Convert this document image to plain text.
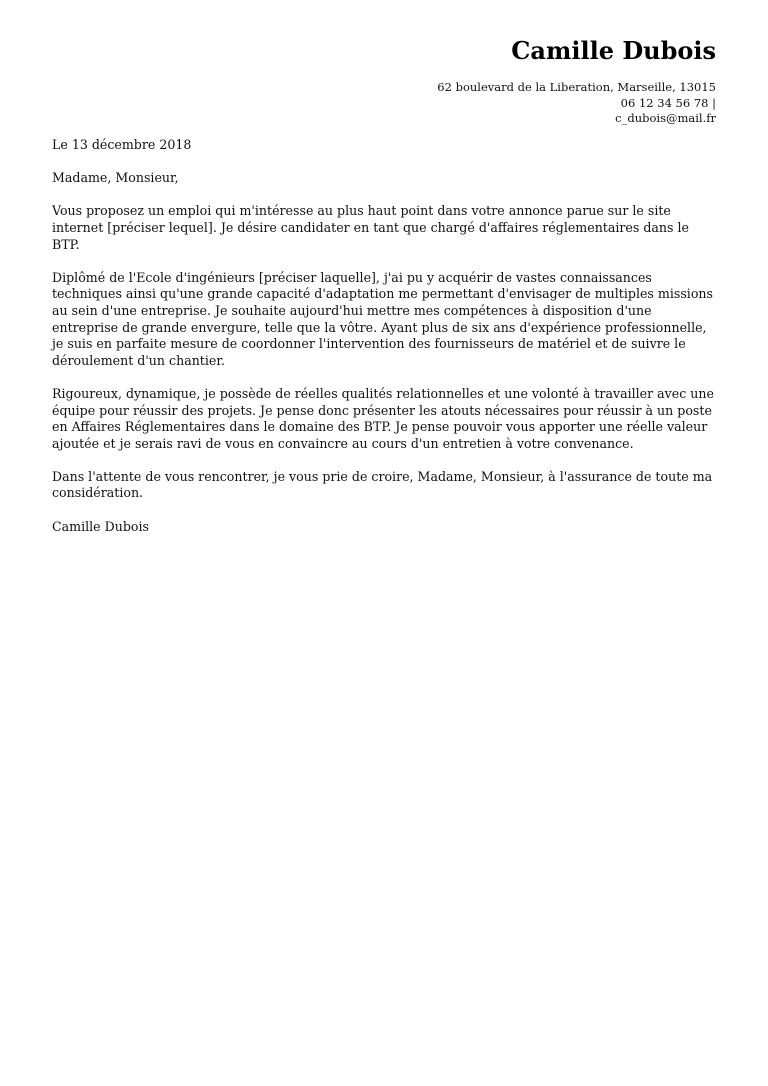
Camille Dubois
62 boulevard de la Liberation, Marseille, 13015
06 12 34 56 78 |
c_dubois@mail.fr

Le 13 décembre 2018

Madame, Monsieur,

Vous proposez un emploi qui m'intéresse au plus haut point dans votre annonce parue sur le site internet [préciser lequel]. Je désire candidater en tant que chargé d'affaires réglementaires dans le BTP.

Diplômé de l'Ecole d'ingénieurs [préciser laquelle], j'ai pu y acquérir de vastes connaissances techniques ainsi qu'une grande capacité d'adaptation me permettant d'envisager de multiples missions au sein d'une entreprise. Je souhaite aujourd'hui mettre mes compétences à disposition d'une entreprise de grande envergure, telle que la vôtre. Ayant plus de six ans d'expérience professionnelle, je suis en parfaite mesure de coordonner l'intervention des fournisseurs de matériel et de suivre le déroulement d'un chantier.

Rigoureux, dynamique, je possède de réelles qualités relationnelles et une volonté à travailler avec une équipe pour réussir des projets. Je pense donc présenter les atouts nécessaires pour réussir à un poste en Affaires Réglementaires dans le domaine des BTP. Je pense pouvoir vous apporter une réelle valeur ajoutée et je serais ravi de vous en convaincre au cours d'un entretien à votre convenance.

Dans l'attente de vous rencontrer, je vous prie de croire, Madame, Monsieur, à l'assurance de toute ma considération.

Camille Dubois
